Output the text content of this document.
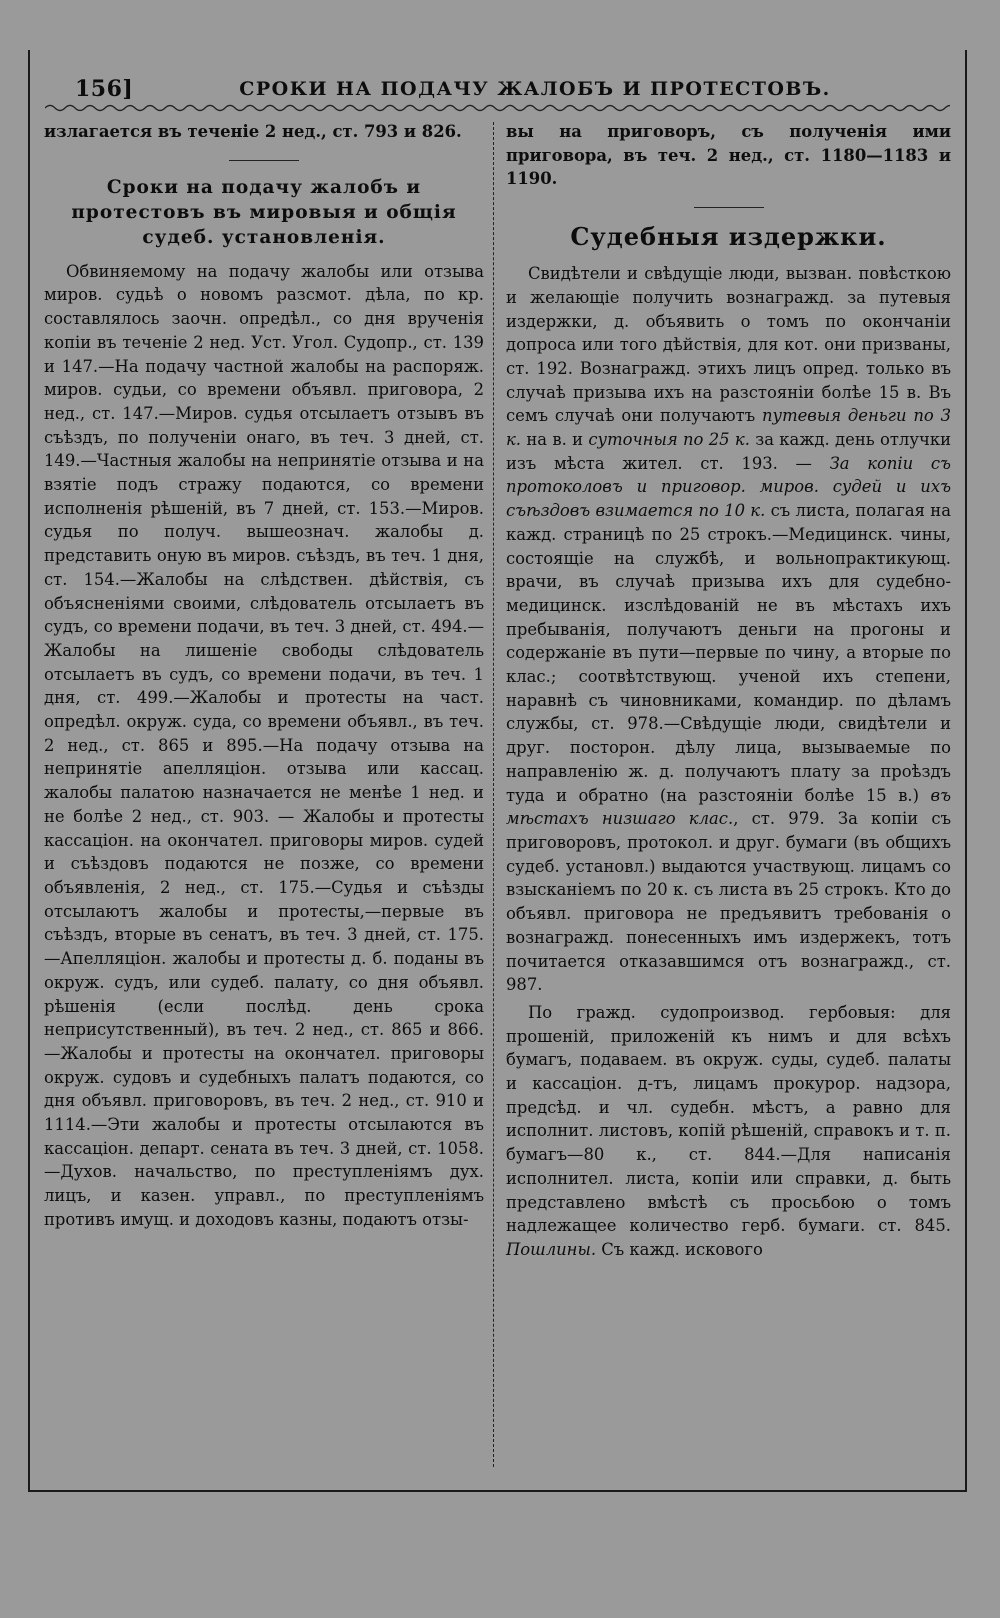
156]	СРОКИ НА ПОДАЧУ ЖАЛОБЪ И ПРОТЕСТОВЪ.

излагается въ теченіе 2 нед., ст. 793 и 826.

Сроки на подачу жалобъ и протестовъ въ мировыя и общія судеб. установленія.

Обвиняемому на подачу жалобы или отзыва миров. судьѣ о новомъ разсмот. дѣла, по кр. составлялось заочн. опредѣл., со дня врученія копіи въ теченіе 2 нед. Уст. Угол. Судопр., ст. 139 и 147.—На подачу частной жалобы на распоряж. миров. судьи, со времени объявл. приговора, 2 нед., ст. 147.—Миров. судья отсылаетъ отзывъ въ съѣздъ, по полученіи онаго, въ теч. 3 дней, ст. 149.—Частныя жалобы на непринятіе отзыва и на взятіе подъ стражу подаются, со времени исполненія рѣшеній, въ 7 дней, ст. 153.—Миров. судья по получ. вышеознач. жалобы д. представить оную въ миров. съѣздъ, въ теч. 1 дня, ст. 154.—Жалобы на слѣдствен. дѣйствія, съ объясненіями своими, слѣдователь отсылаетъ въ судъ, со времени подачи, въ теч. 3 дней, ст. 494.—Жалобы на лишеніе свободы слѣдователь отсылаетъ въ судъ, со времени подачи, въ теч. 1 дня, ст. 499.—Жалобы и протесты на част. опредѣл. окруж. суда, со времени объявл., въ теч. 2 нед., ст. 865 и 895.—На подачу отзыва на непринятіе апелляціон. отзыва или кассац. жалобы палатою назначается не менѣе 1 нед. и не болѣе 2 нед., ст. 903. — Жалобы и протесты кассаціон. на окончател. приговоры миров. судей и съѣздовъ подаются не позже, со времени объявленія, 2 нед., ст. 175.—Судья и съѣзды отсылаютъ жалобы и протесты,—первые въ съѣздъ, вторые въ сенатъ, въ теч. 3 дней, ст. 175.—Апелляціон. жалобы и протесты д. б. поданы въ окруж. судъ, или судеб. палату, со дня объявл. рѣшенія (если послѣд. день срока неприсутственный), въ теч. 2 нед., ст. 865 и 866.—Жалобы и протесты на окончател. приговоры окруж. судовъ и судебныхъ палатъ подаются, со дня объявл. приговоровъ, въ теч. 2 нед., ст. 910 и 1114.—Эти жалобы и протесты отсылаются въ кассаціон. департ. сената въ теч. 3 дней, ст. 1058.—Духов. начальство, по преступленіямъ дух. лицъ, и казен. управл., по преступленіямъ противъ имущ. и доходовъ казны, подаютъ отзы-

вы на приговоръ, съ полученія ими приговора, въ теч. 2 нед., ст. 1180—1183 и 1190.

Судебныя издержки.

Свидѣтели и свѣдущіе люди, вызван. повѣсткою и желающіе получить вознагражд. за путевыя издержки, д. объявить о томъ по окончаніи допроса или того дѣйствія, для кот. они призваны, ст. 192. Вознагражд. этихъ лицъ опред. только въ случаѣ призыва ихъ на разстояніи болѣе 15 в. Въ семъ случаѣ они получаютъ путевыя деньги по 3 к. на в. и суточныя по 25 к. за кажд. день отлучки изъ мѣста жител. ст. 193. — За копіи съ протоколовъ и приговор. миров. судей и ихъ съѣздовъ взимается по 10 к. съ листа, полагая на кажд. страницѣ по 25 строкъ.—Медицинск. чины, состоящіе на службѣ, и вольнопрактикующ. врачи, въ случаѣ призыва ихъ для судебно-медицинск. изслѣдованій не въ мѣстахъ ихъ пребыванія, получаютъ деньги на прогоны и содержаніе въ пути—первые по чину, а вторые по клас.; соотвѣтствующ. ученой ихъ степени, наравнѣ съ чиновниками, командир. по дѣламъ службы, ст. 978.—Свѣдущіе люди, свидѣтели и друг. посторон. дѣлу лица, вызываемые по направленію ж. д. получаютъ плату за проѣздъ туда и обратно (на разстояніи болѣе 15 в.) въ мѣстахъ низшаго клас., ст. 979. За копіи съ приговоровъ, протокол. и друг. бумаги (въ общихъ судеб. установл.) выдаются участвующ. лицамъ со взысканіемъ по 20 к. съ листа въ 25 строкъ. Кто до объявл. приговора не предъявитъ требованія о вознагражд. понесенныхъ имъ издержекъ, тотъ почитается отказавшимся отъ вознагражд., ст. 987.

По гражд. судопроизвод. гербовыя: для прошеній, приложеній къ нимъ и для всѣхъ бумагъ, подаваем. въ окруж. суды, судеб. палаты и кассаціон. д-тъ, лицамъ прокурор. надзора, предсѣд. и чл. судебн. мѣстъ, а равно для исполнит. листовъ, копій рѣшеній, справокъ и т. п. бумагъ—80 к., ст. 844.—Для написанія исполнител. листа, копіи или справки, д. быть представлено вмѣстѣ съ просьбою о томъ надлежащее количество герб. бумаги. ст. 845. Пошлины. Съ кажд. искового
